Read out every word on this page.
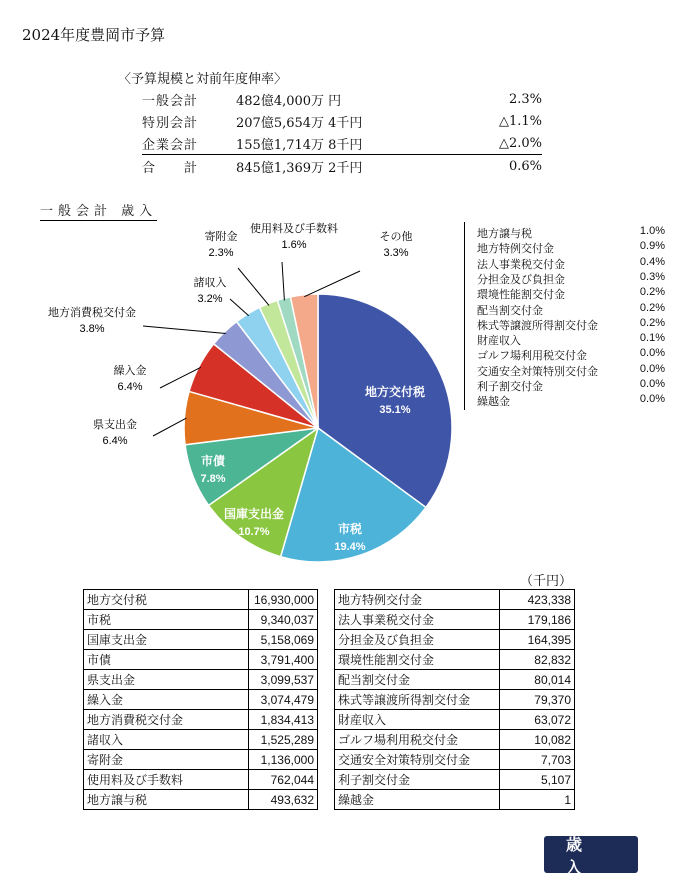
2024年度豊岡市予算
〈予算規模と対前年度伸率〉
一般会計	482億4,000万 円	2.3%
特別会計	207億5,654万 4千円	△1.1%
企業会計	155億1,714万 8千円	△2.0%
合　　計	845億1,369万 2千円	0.6%
一般会計 歳入
地方交付税
35.1%
市税
19.4%
国庫支出金
10.7%
市債
7.8%
県支出金
6.4%
繰入金
6.4%
地方消費税交付金
3.8%
諸収入
3.2%
寄附金
2.3%
使用料及び手数料
1.6%
その他
3.3%
地方譲与税	1.0%
地方特例交付金	0.9%
法人事業税交付金	0.4%
分担金及び負担金	0.3%
環境性能割交付金	0.2%
配当割交付金	0.2%
株式等譲渡所得割交付金	0.2%
財産収入	0.1%
ゴルフ場利用税交付金	0.0%
交通安全対策特別交付金	0.0%
利子割交付金	0.0%
繰越金	0.0%
（千円）
地方交付税	16,930,000
市税	9,340,037
国庫支出金	5,158,069
市債	3,791,400
県支出金	3,099,537
繰入金	3,074,479
地方消費税交付金	1,834,413
諸収入	1,525,289
寄附金	1,136,000
使用料及び手数料	762,044
地方譲与税	493,632
地方特例交付金	423,338
法人事業税交付金	179,186
分担金及び負担金	164,395
環境性能割交付金	82,832
配当割交付金	80,014
株式等譲渡所得割交付金	79,370
財産収入	63,072
ゴルフ場利用税交付金	10,082
交通安全対策特別交付金	7,703
利子割交付金	5,107
繰越金	1
歳入
